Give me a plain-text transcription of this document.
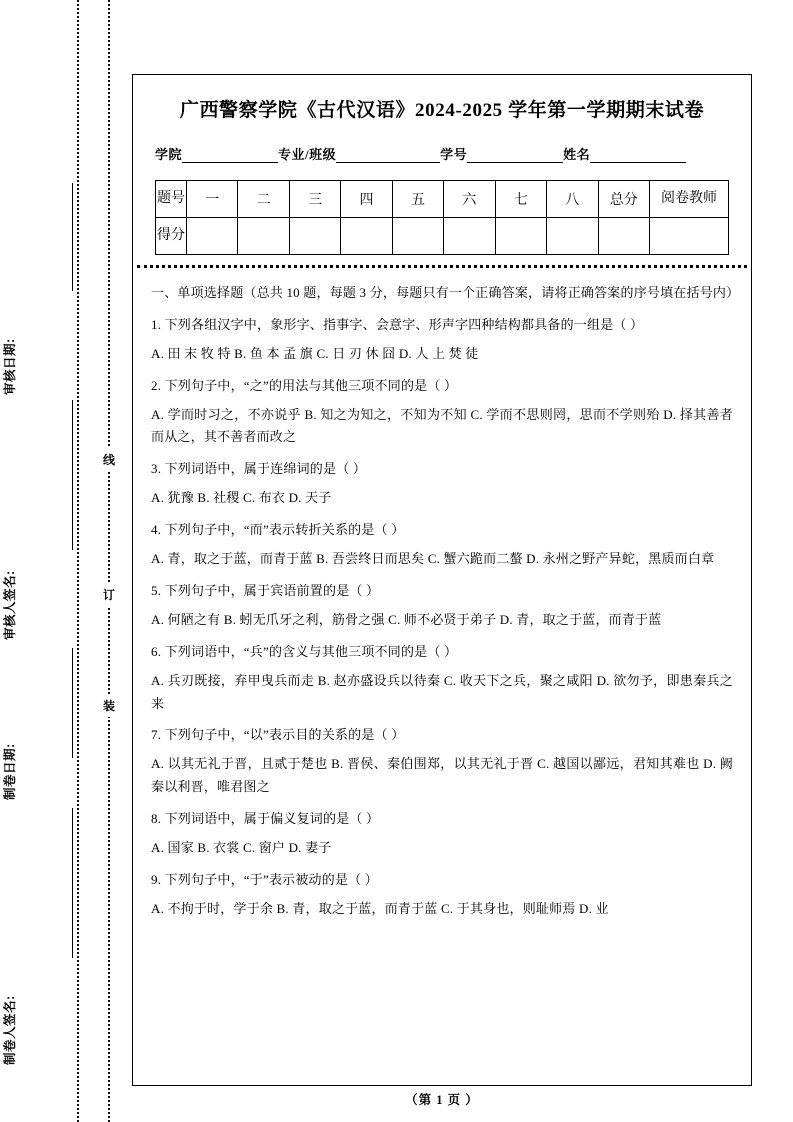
审核日期:
审核人签名:
制卷日期:
制卷人签名:
线
订
装
广西警察学院《古代汉语》2024‑2025 学年第一学期期末试卷
学院	专业/班级	学号	姓名
题号	一	二	三	四	五	六	七	八	总分	阅卷教师
得分										
一、单项选择题（总共 10 题，每题 3 分，每题只有一个正确答案，请将正确答案的序号填在括号内）
1. 下列各组汉字中，象形字、指事字、会意字、形声字四种结构都具备的一组是（ ）
A. 田 末 牧 特 B. 鱼 本 孟 旗 C. 日 刃 休 囧 D. 人 上 焚 徒
2. 下列句子中，“之”的用法与其他三项不同的是（ ）
A. 学而时习之，不亦说乎 B. 知之为知之，不知为不知 C. 学而不思则罔，思而不学则殆 D. 择其善者而从之，其不善者而改之
3. 下列词语中，属于连绵词的是（ ）
A. 犹豫 B. 社稷 C. 布衣 D. 天子
4. 下列句子中，“而”表示转折关系的是（ ）
A. 青，取之于蓝，而青于蓝 B. 吾尝终日而思矣 C. 蟹六跪而二螯 D. 永州之野产异蛇，黑质而白章
5. 下列句子中，属于宾语前置的是（ ）
A. 何陋之有 B. 蚓无爪牙之利，筋骨之强 C. 师不必贤于弟子 D. 青，取之于蓝，而青于蓝
6. 下列词语中，“兵”的含义与其他三项不同的是（ ）
A. 兵刃既接，弃甲曳兵而走 B. 赵亦盛设兵以待秦 C. 收天下之兵，聚之咸阳 D. 欲勿予，即患秦兵之来
7. 下列句子中，“以”表示目的关系的是（ ）
A. 以其无礼于晋，且贰于楚也 B. 晋侯、秦伯围郑，以其无礼于晋 C. 越国以鄙远，君知其难也 D. 阙秦以利晋，唯君图之
8. 下列词语中，属于偏义复词的是（ ）
A. 国家 B. 衣裳 C. 窗户 D. 妻子
9. 下列句子中，“于”表示被动的是（ ）
A. 不拘于时，学于余 B. 青，取之于蓝，而青于蓝 C. 于其身也，则耻师焉 D. 业
（第 1 页 ）
